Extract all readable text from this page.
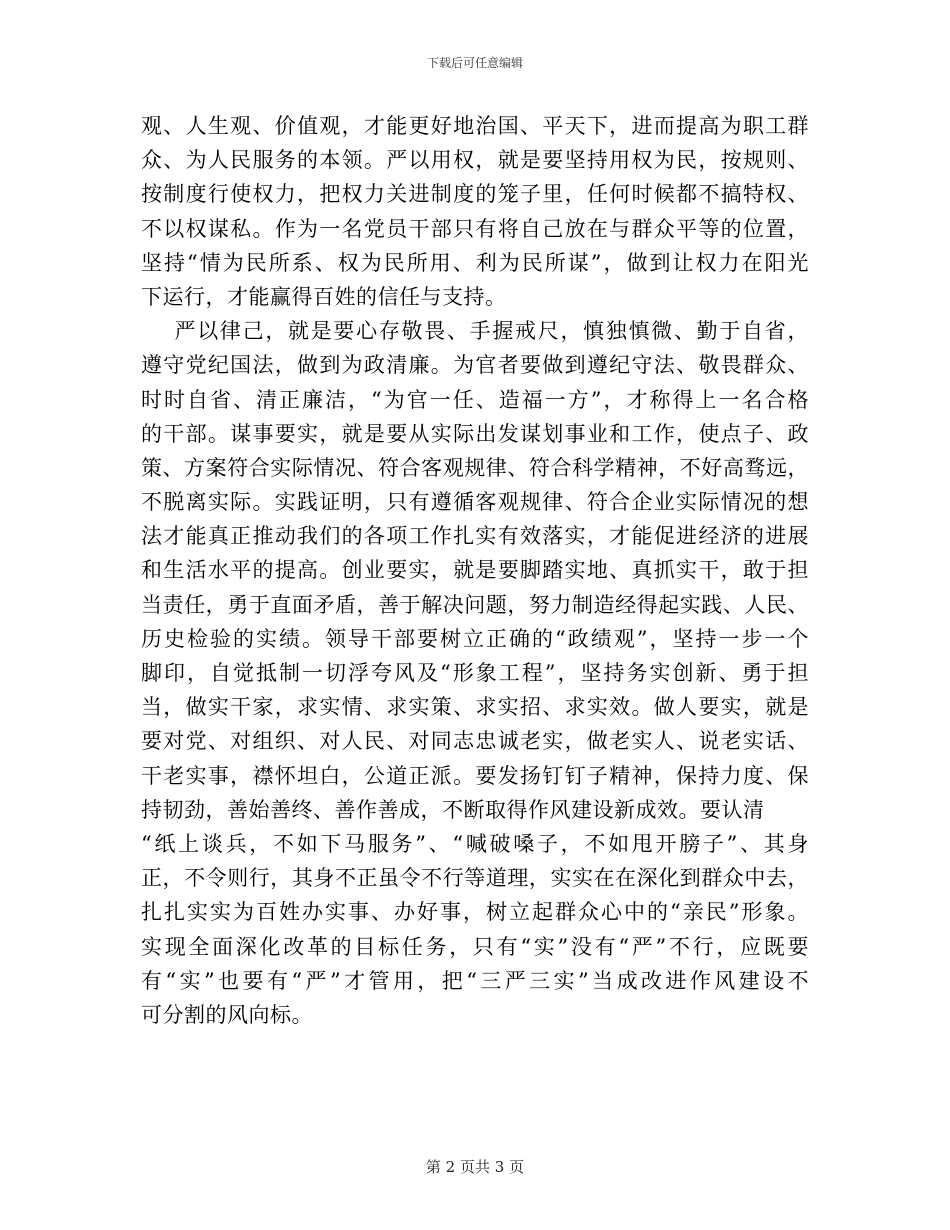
下载后可任意编辑
观、人生观、价值观，才能更好地治国、平天下，进而提高为职工群
众、为人民服务的本领。严以用权，就是要坚持用权为民，按规则、
按制度行使权力，把权力关进制度的笼子里，任何时候都不搞特权、
不以权谋私。作为一名党员干部只有将自己放在与群众平等的位置，
坚持“情为民所系、权为民所用、利为民所谋”，做到让权力在阳光
下运行，才能赢得百姓的信任与支持。
严以律己，就是要心存敬畏、手握戒尺，慎独慎微、勤于自省，
遵守党纪国法，做到为政清廉。为官者要做到遵纪守法、敬畏群众、
时时自省、清正廉洁，“为官一任、造福一方”，才称得上一名合格
的干部。谋事要实，就是要从实际出发谋划事业和工作，使点子、政
策、方案符合实际情况、符合客观规律、符合科学精神，不好高骛远，
不脱离实际。实践证明，只有遵循客观规律、符合企业实际情况的想
法才能真正推动我们的各项工作扎实有效落实，才能促进经济的进展
和生活水平的提高。创业要实，就是要脚踏实地、真抓实干，敢于担
当责任，勇于直面矛盾，善于解决问题，努力制造经得起实践、人民、
历史检验的实绩。领导干部要树立正确的“政绩观”，坚持一步一个
脚印，自觉抵制一切浮夸风及“形象工程”，坚持务实创新、勇于担
当，做实干家，求实情、求实策、求实招、求实效。做人要实，就是
要对党、对组织、对人民、对同志忠诚老实，做老实人、说老实话、
干老实事，襟怀坦白，公道正派。要发扬钉钉子精神，保持力度、保
持韧劲，善始善终、善作善成，不断取得作风建设新成效。要认清
“纸上谈兵，不如下马服务”、“喊破嗓子，不如甩开膀子”、其身
正，不令则行，其身不正虽令不行等道理，实实在在深化到群众中去，
扎扎实实为百姓办实事、办好事，树立起群众心中的“亲民”形象。
实现全面深化改革的目标任务，只有“实”没有“严”不行，应既要
有“实”也要有“严”才管用，把“三严三实”当成改进作风建设不
可分割的风向标。
第 2 页共 3 页
